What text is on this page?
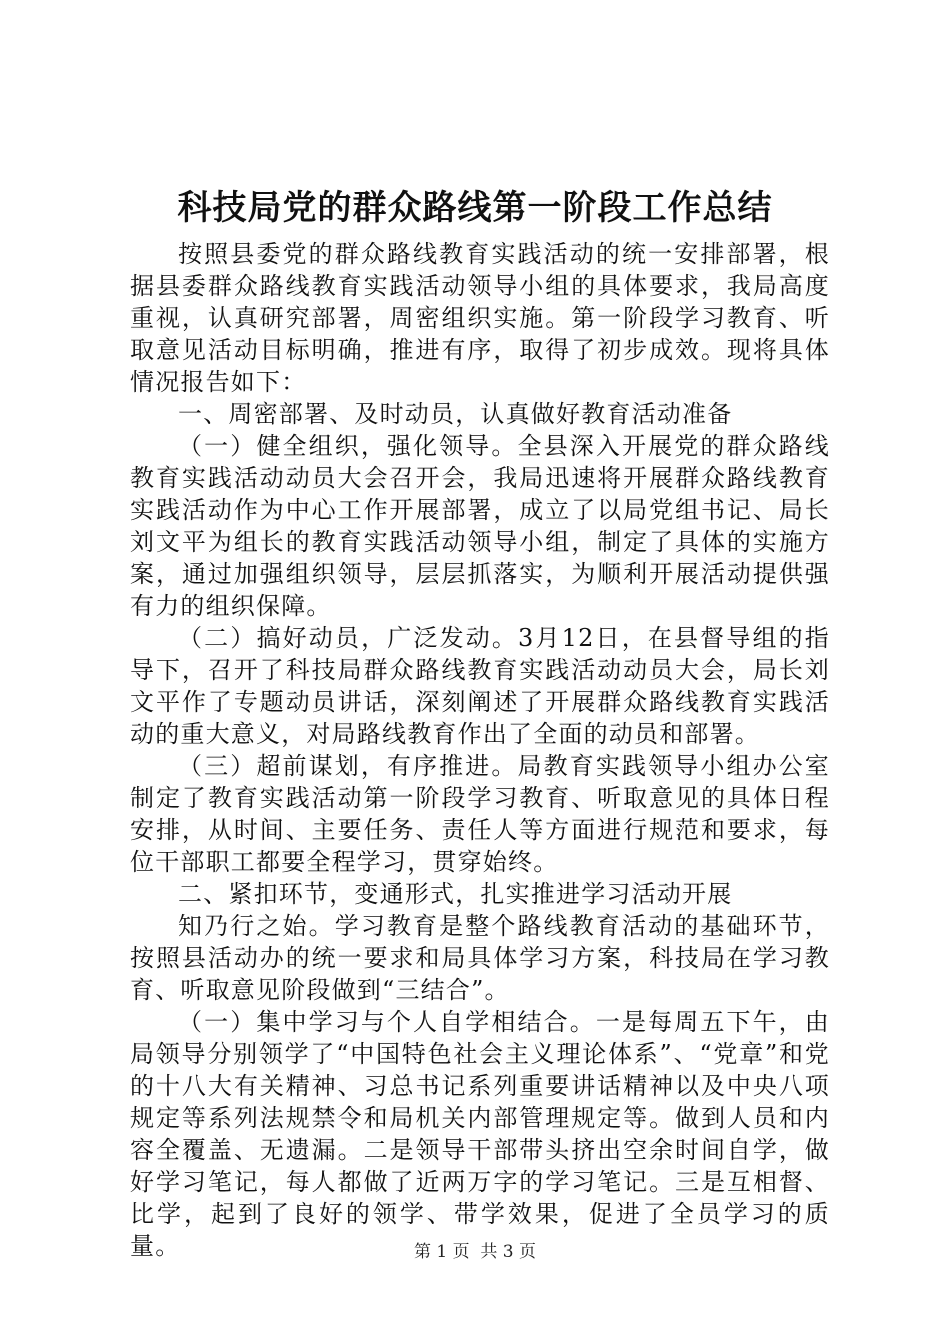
科技局党的群众路线第一阶段工作总结

按照县委党的群众路线教育实践活动的统一安排部署，根据县委群众路线教育实践活动领导小组的具体要求，我局高度重视，认真研究部署，周密组织实施。第一阶段学习教育、听取意见活动目标明确，推进有序，取得了初步成效。现将具体情况报告如下：

一、周密部署、及时动员，认真做好教育活动准备

（一）健全组织，强化领导。全县深入开展党的群众路线教育实践活动动员大会召开会，我局迅速将开展群众路线教育实践活动作为中心工作开展部署，成立了以局党组书记、局长刘文平为组长的教育实践活动领导小组，制定了具体的实施方案，通过加强组织领导，层层抓落实，为顺利开展活动提供强有力的组织保障。

（二）搞好动员，广泛发动。3月12日，在县督导组的指导下，召开了科技局群众路线教育实践活动动员大会，局长刘文平作了专题动员讲话，深刻阐述了开展群众路线教育实践活动的重大意义，对局路线教育作出了全面的动员和部署。

（三）超前谋划，有序推进。局教育实践领导小组办公室制定了教育实践活动第一阶段学习教育、听取意见的具体日程安排，从时间、主要任务、责任人等方面进行规范和要求，每位干部职工都要全程学习，贯穿始终。

二、紧扣环节，变通形式，扎实推进学习活动开展

知乃行之始。学习教育是整个路线教育活动的基础环节，按照县活动办的统一要求和局具体学习方案，科技局在学习教育、听取意见阶段做到“三结合”。

（一）集中学习与个人自学相结合。一是每周五下午，由局领导分别领学了“中国特色社会主义理论体系”、“党章”和党的十八大有关精神、习总书记系列重要讲话精神以及中央八项规定等系列法规禁令和局机关内部管理规定等。做到人员和内容全覆盖、无遗漏。二是领导干部带头挤出空余时间自学，做好学习笔记，每人都做了近两万字的学习笔记。三是互相督、比学，起到了良好的领学、带学效果，促进了全员学习的质量。	第 1 页  共 3 页
